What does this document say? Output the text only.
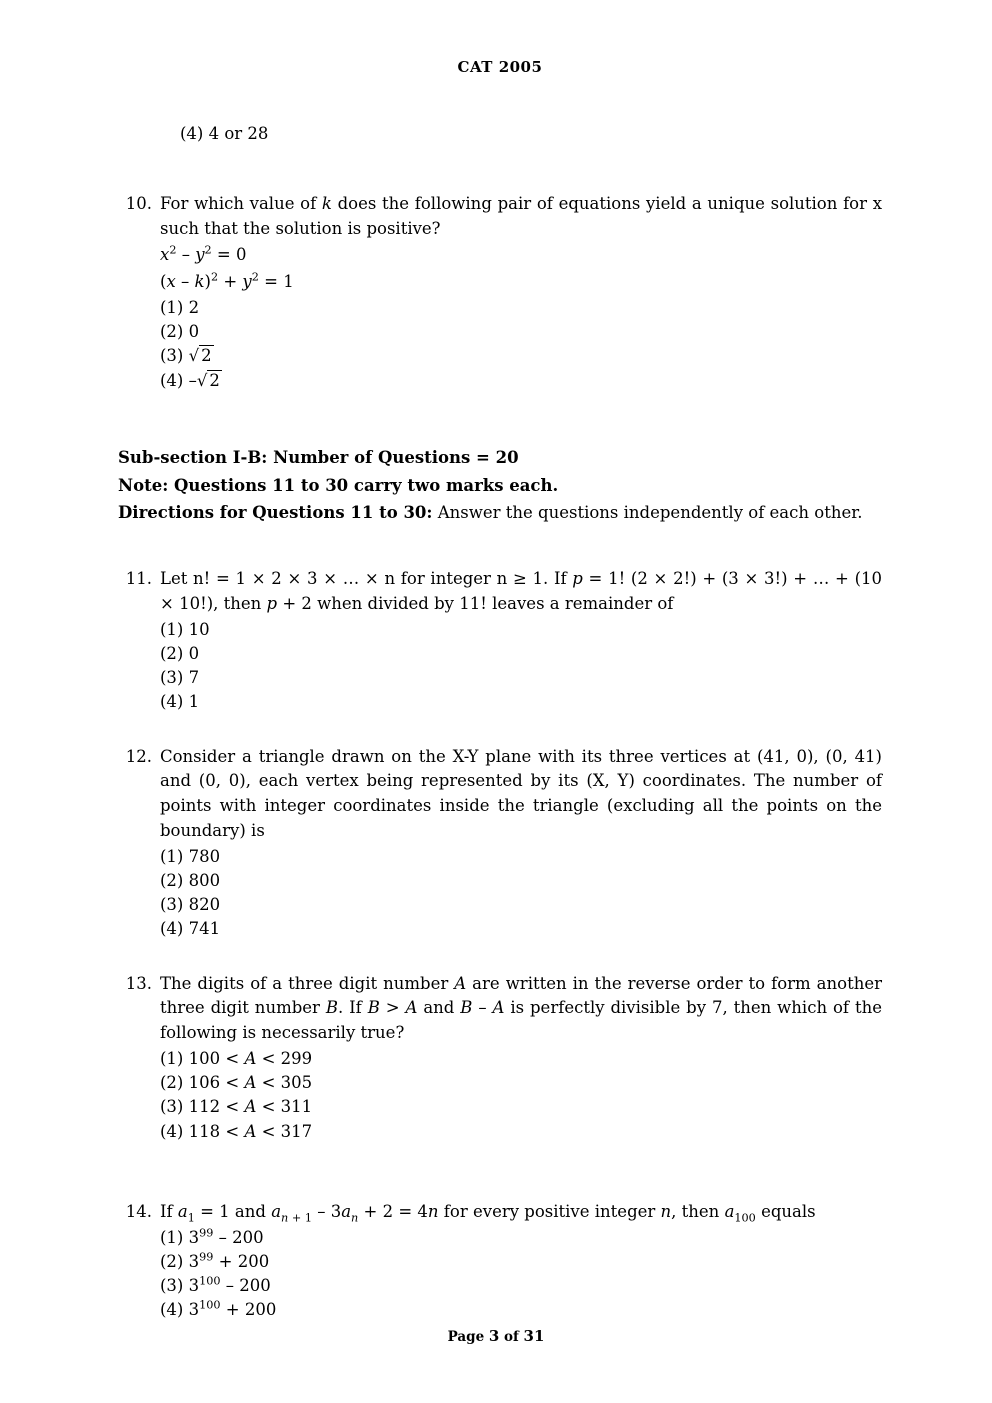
CAT 2005
(4) 4 or 28
10. For which value of k does the following pair of equations yield a unique solution for x such that the solution is positive?
$x^2 - y^2 = 0$
$(x - k)^2 + y^2 = 1$
(1) 2
(2) 0
(3) √ 2
(4) –√ 2
Sub-section I-B: Number of Questions = 20
Note: Questions 11 to 30 carry two marks each.
Directions for Questions 11 to 30: Answer the questions independently of each other.
11. Let n! = 1 × 2 × 3 × … × n for integer n ≥ 1. If p = 1! (2 × 2!) + (3 × 3!) + … + (10 × 10!), then p + 2 when divided by 11! leaves a remainder of
(1) 10
(2) 0
(3) 7
(4) 1
12. Consider a triangle drawn on the X-Y plane with its three vertices at (41, 0), (0, 41) and (0, 0), each vertex being represented by its (X, Y) coordinates. The number of points with integer coordinates inside the triangle (excluding all the points on the boundary) is
(1) 780
(2) 800
(3) 820
(4) 741
13. The digits of a three digit number A are written in the reverse order to form another three digit number B. If B > A and B – A is perfectly divisible by 7, then which of the following is necessarily true?
(1) 100 < A < 299
(2) 106 < A < 305
(3) 112 < A < 311
(4) 118 < A < 317
14. If $a_1 = 1$ and $a_n$ $_{+ 1} - 3a_n + 2 = 4n$ for every positive integer n, then $a_{100}$ equals
(1) $3^{99} - 200$
(2) $3^{99} + 200$
(3) $3^{100} - 200$
(4) $3^{100} + 200$
Page 3 of 31
